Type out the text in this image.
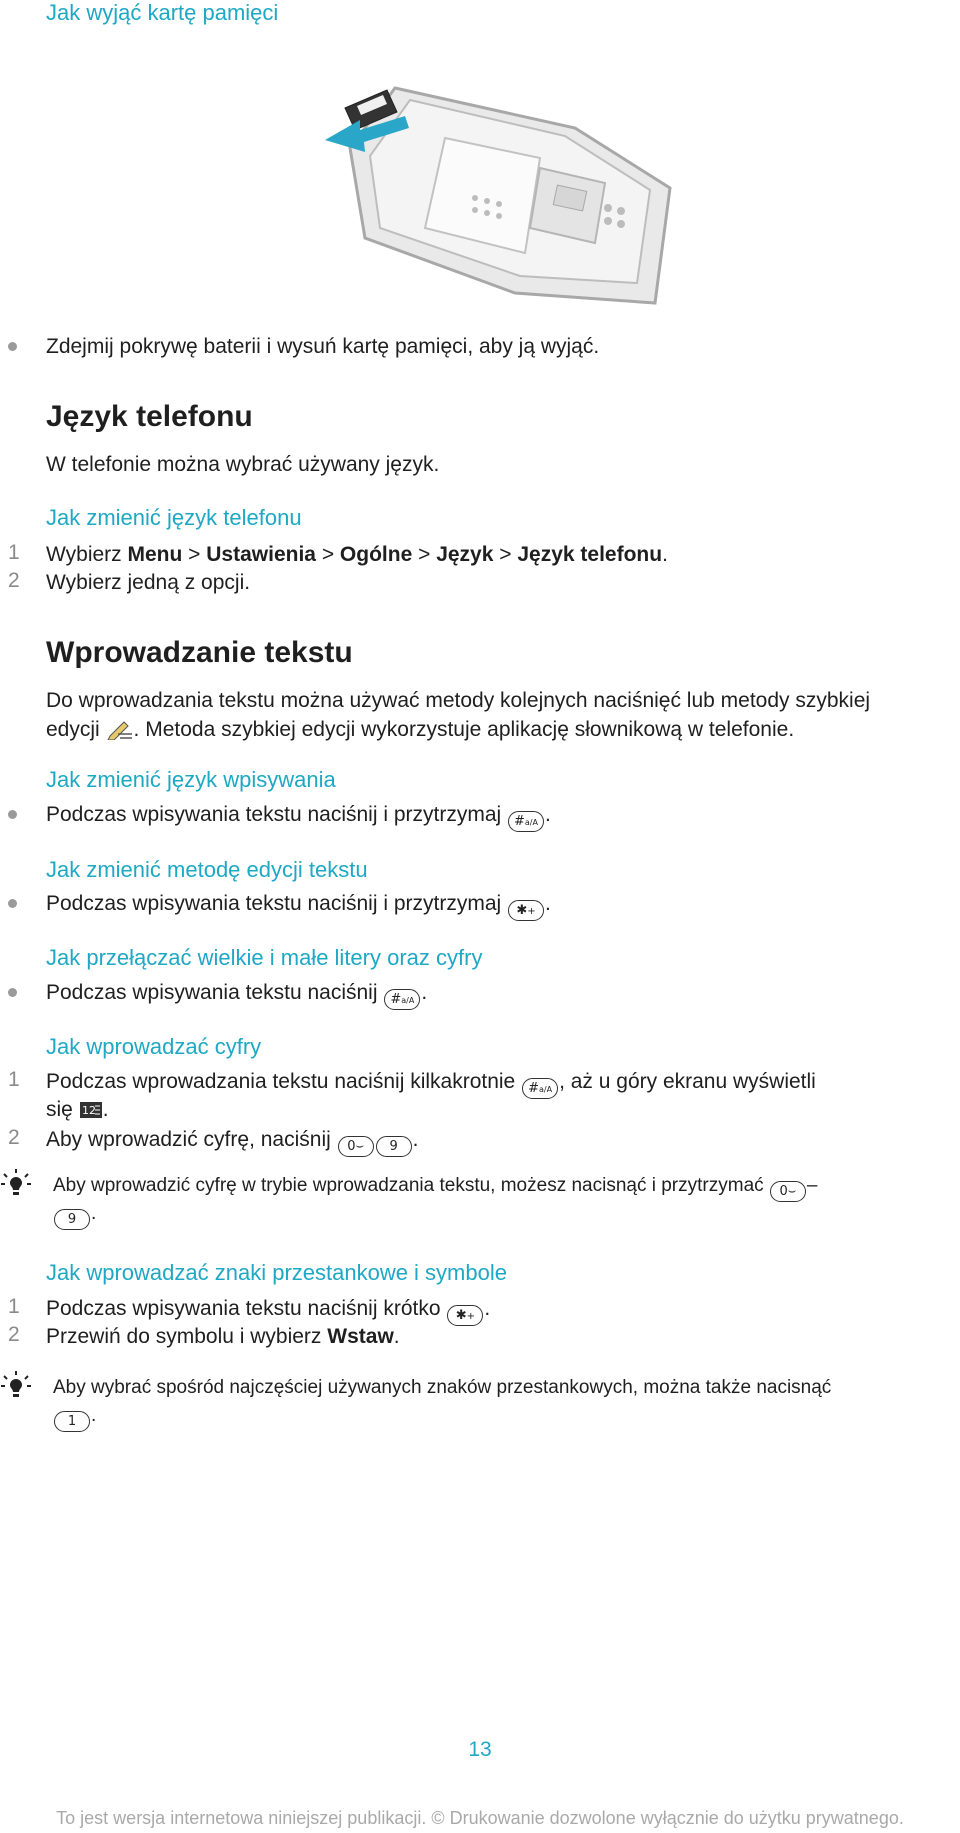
Jak wyjąć kartę pamięci
Zdejmij pokrywę baterii i wysuń kartę pamięci, aby ją wyjąć.
Język telefonu
W telefonie można wybrać używany język.
Jak zmienić język telefonu
1	Wybierz Menu > Ustawienia > Ogólne > Język > Język telefonu.
2	Wybierz jedną z opcji.
Wprowadzanie tekstu
Do wprowadzania tekstu można używać metody kolejnych naciśnięć lub metody szybkiej
edycji . Metoda szybkiej edycji wykorzystuje aplikację słownikową w telefonie.
Jak zmienić język wpisywania
Podczas wpisywania tekstu naciśnij i przytrzymaj #a/A .
Jak zmienić metodę edycji tekstu
Podczas wpisywania tekstu naciśnij i przytrzymaj ✱+ .
Jak przełączać wielkie i małe litery oraz cyfry
Podczas wpisywania tekstu naciśnij #a/A .
Jak wprowadzać cyfry
1	Podczas wprowadzania tekstu naciśnij kilkakrotnie #a/A , aż u góry ekranu wyświetli
się 12 .
2	Aby wprowadzić cyfrę, naciśnij 0⌣ 9 .
Aby wprowadzić cyfrę w trybie wprowadzania tekstu, możesz nacisnąć i przytrzymać 0⌣ –
9 .
Jak wprowadzać znaki przestankowe i symbole
1	Podczas wpisywania tekstu naciśnij krótko ✱+ .
2	Przewiń do symbolu i wybierz Wstaw.
Aby wybrać spośród najczęściej używanych znaków przestankowych, można także nacisnąć
1 .
13
To jest wersja internetowa niniejszej publikacji. © Drukowanie dozwolone wyłącznie do użytku prywatnego.
